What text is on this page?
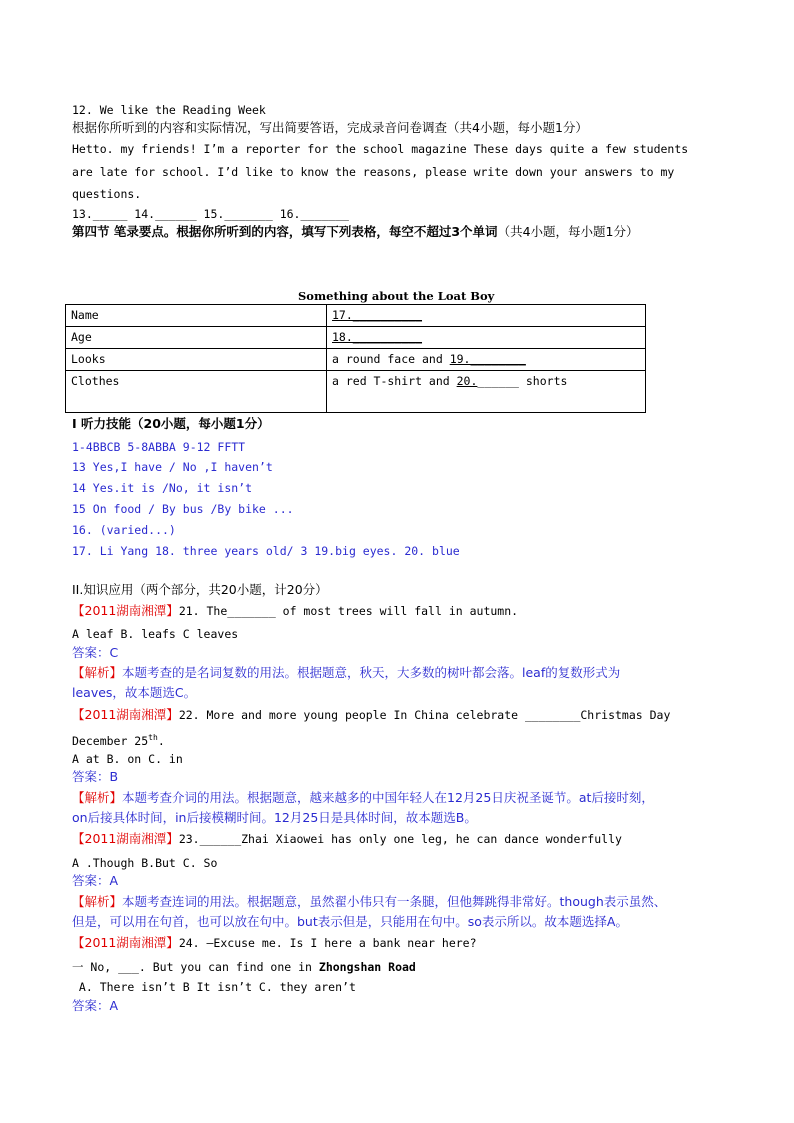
12. We like the Reading Week
根据你所听到的内容和实际情况，写出简要答语，完成录音问卷调查（共4小题，每小题1分）
Hetto. my friends! I’m a reporter for the school magazine These days quite a few students
are late for school. I’d like to know the reasons, please write down your answers to my
questions.
13._____ 14.______ 15._______ 16._______
第四节 笔录要点。根据你所听到的内容，填写下列表格，每空不超过3个单词（共4小题，每小题1分）
Something about the Loat Boy
Name	17.__________
Age	18.__________
Looks	a round face and 19.________
Clothes	a red T-shirt and 20.______ shorts
I 听力技能（20小题，每小题1分）
1-4BBCB 5-8ABBA 9-12 FFTT
13 Yes,I have / No ,I haven’t
14 Yes.it is /No, it isn’t
15 On food / By bus /By bike ...
16. (varied...)
17. Li Yang 18. three years old/ 3 19.big eyes. 20. blue
II.知识应用（两个部分，共20小题，计20分）
【2011湖南湘潭】21. The_______ of most trees will fall in autumn.
A leaf B. leafs C leaves
答案：C
【解析】本题考查的是名词复数的用法。根据题意，秋天，大多数的树叶都会落。leaf的复数形式为
leaves，故本题选C。
【2011湖南湘潭】22. More and more young people In China celebrate ________Christmas Day
December 25th.
A at B. on C. in
答案：B
【解析】本题考查介词的用法。根据题意，越来越多的中国年轻人在12月25日庆祝圣诞节。at后接时刻，
on后接具体时间，in后接模糊时间。12月25日是具体时间，故本题选B。
【2011湖南湘潭】23.______Zhai Xiaowei has only one leg, he can dance wonderfully
A .Though B.But C. So
答案：A
【解析】本题考查连词的用法。根据题意，虽然翟小伟只有一条腿，但他舞跳得非常好。though表示虽然、
但是，可以用在句首，也可以放在句中。but表示但是，只能用在句中。so表示所以。故本题选择A。
【2011湖南湘潭】24. —Excuse me. Is I here a bank near here?
一 No, ___. But you can find one in Zhongshan Road
A. There isn’t B It isn’t C. they aren’t
答案：A
